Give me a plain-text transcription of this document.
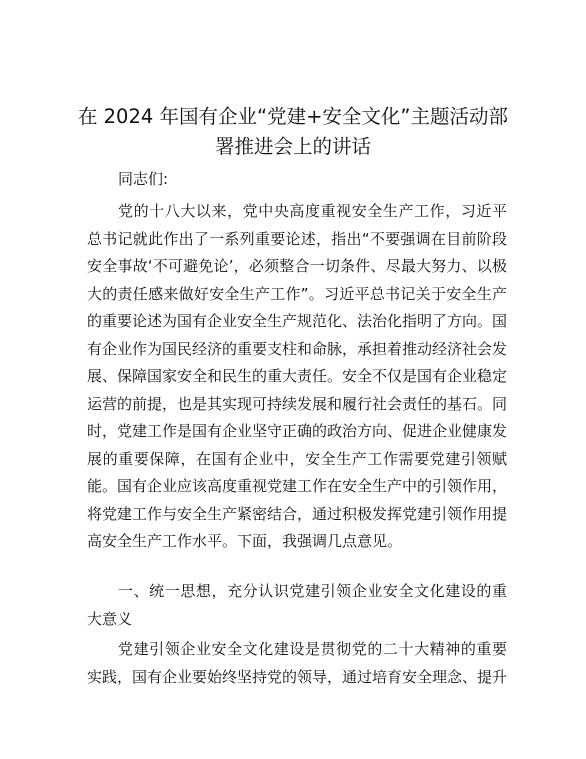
在 2024 年国有企业“党建+安全文化”主题活动部署推进会上的讲话

同志们:

党的十八大以来，党中央高度重视安全生产工作，习近平总书记就此作出了一系列重要论述，指出“不要强调在目前阶段安全事故‘不可避免论’，必须整合一切条件、尽最大努力、以极大的责任感来做好安全生产工作”。习近平总书记关于安全生产的重要论述为国有企业安全生产规范化、法治化指明了方向。国有企业作为国民经济的重要支柱和命脉，承担着推动经济社会发展、保障国家安全和民生的重大责任。安全不仅是国有企业稳定运营的前提，也是其实现可持续发展和履行社会责任的基石。同时，党建工作是国有企业坚守正确的政治方向、促进企业健康发展的重要保障，在国有企业中，安全生产工作需要党建引领赋能。国有企业应该高度重视党建工作在安全生产中的引领作用，将党建工作与安全生产紧密结合，通过积极发挥党建引领作用提高安全生产工作水平。下面，我强调几点意见。

一、统一思想，充分认识党建引领企业安全文化建设的重大意义

党建引领企业安全文化建设是贯彻党的二十大精神的重要实践，国有企业要始终坚持党的领导，通过培育安全理念、提升
